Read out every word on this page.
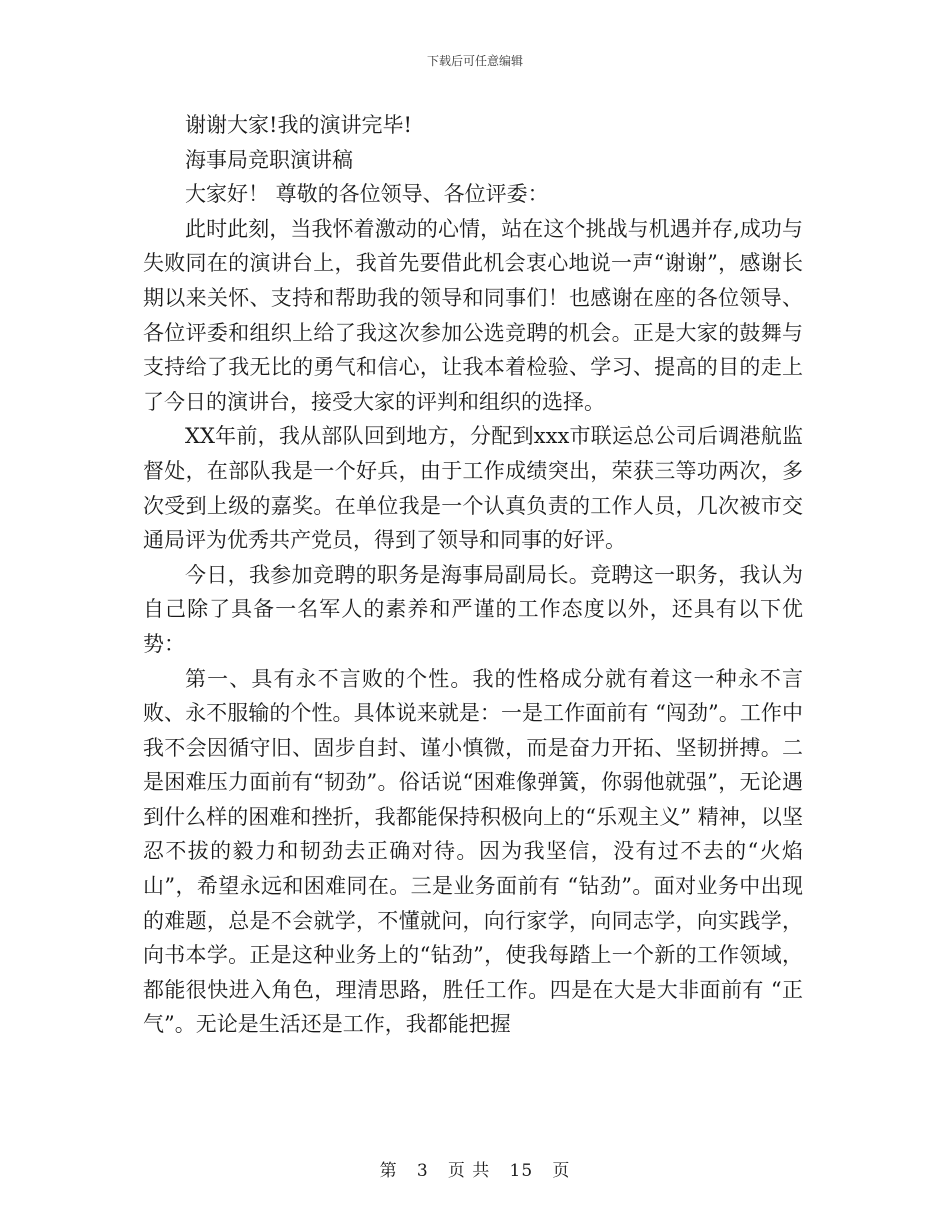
下载后可任意编辑

谢谢大家!我的演讲完毕!

海事局竞职演讲稿

大家好！ 尊敬的各位领导、各位评委：

此时此刻，当我怀着激动的心情，站在这个挑战与机遇并存,成功与失败同在的演讲台上，我首先要借此机会衷心地说一声“谢谢”，感谢长期以来关怀、支持和帮助我的领导和同事们！也感谢在座的各位领导、各位评委和组织上给了我这次参加公选竞聘的机会。正是大家的鼓舞与支持给了我无比的勇气和信心，让我本着检验、学习、提高的目的走上了今日的演讲台，接受大家的评判和组织的选择。

XX年前，我从部队回到地方，分配到xxx市联运总公司后调港航监督处，在部队我是一个好兵，由于工作成绩突出，荣获三等功两次，多次受到上级的嘉奖。在单位我是一个认真负责的工作人员，几次被市交通局评为优秀共产党员，得到了领导和同事的好评。

今日，我参加竞聘的职务是海事局副局长。竞聘这一职务，我认为自己除了具备一名军人的素养和严谨的工作态度以外，还具有以下优势：

第一、具有永不言败的个性。我的性格成分就有着这一种永不言败、永不服输的个性。具体说来就是：一是工作面前有 “闯劲”。工作中我不会因循守旧、固步自封、谨小慎微，而是奋力开拓、坚韧拼搏。二是困难压力面前有“韧劲”。俗话说“困难像弹簧，你弱他就强”，无论遇到什么样的困难和挫折，我都能保持积极向上的“乐观主义” 精神，以坚忍不拔的毅力和韧劲去正确对待。因为我坚信，没有过不去的“火焰山”，希望永远和困难同在。三是业务面前有 “钻劲”。面对业务中出现的难题，总是不会就学，不懂就问，向行家学，向同志学，向实践学，向书本学。正是这种业务上的“钻劲”，使我每踏上一个新的工作领域，都能很快进入角色，理清思路，胜任工作。四是在大是大非面前有 “正气”。无论是生活还是工作，我都能把握

第 3 页 共 15 页
